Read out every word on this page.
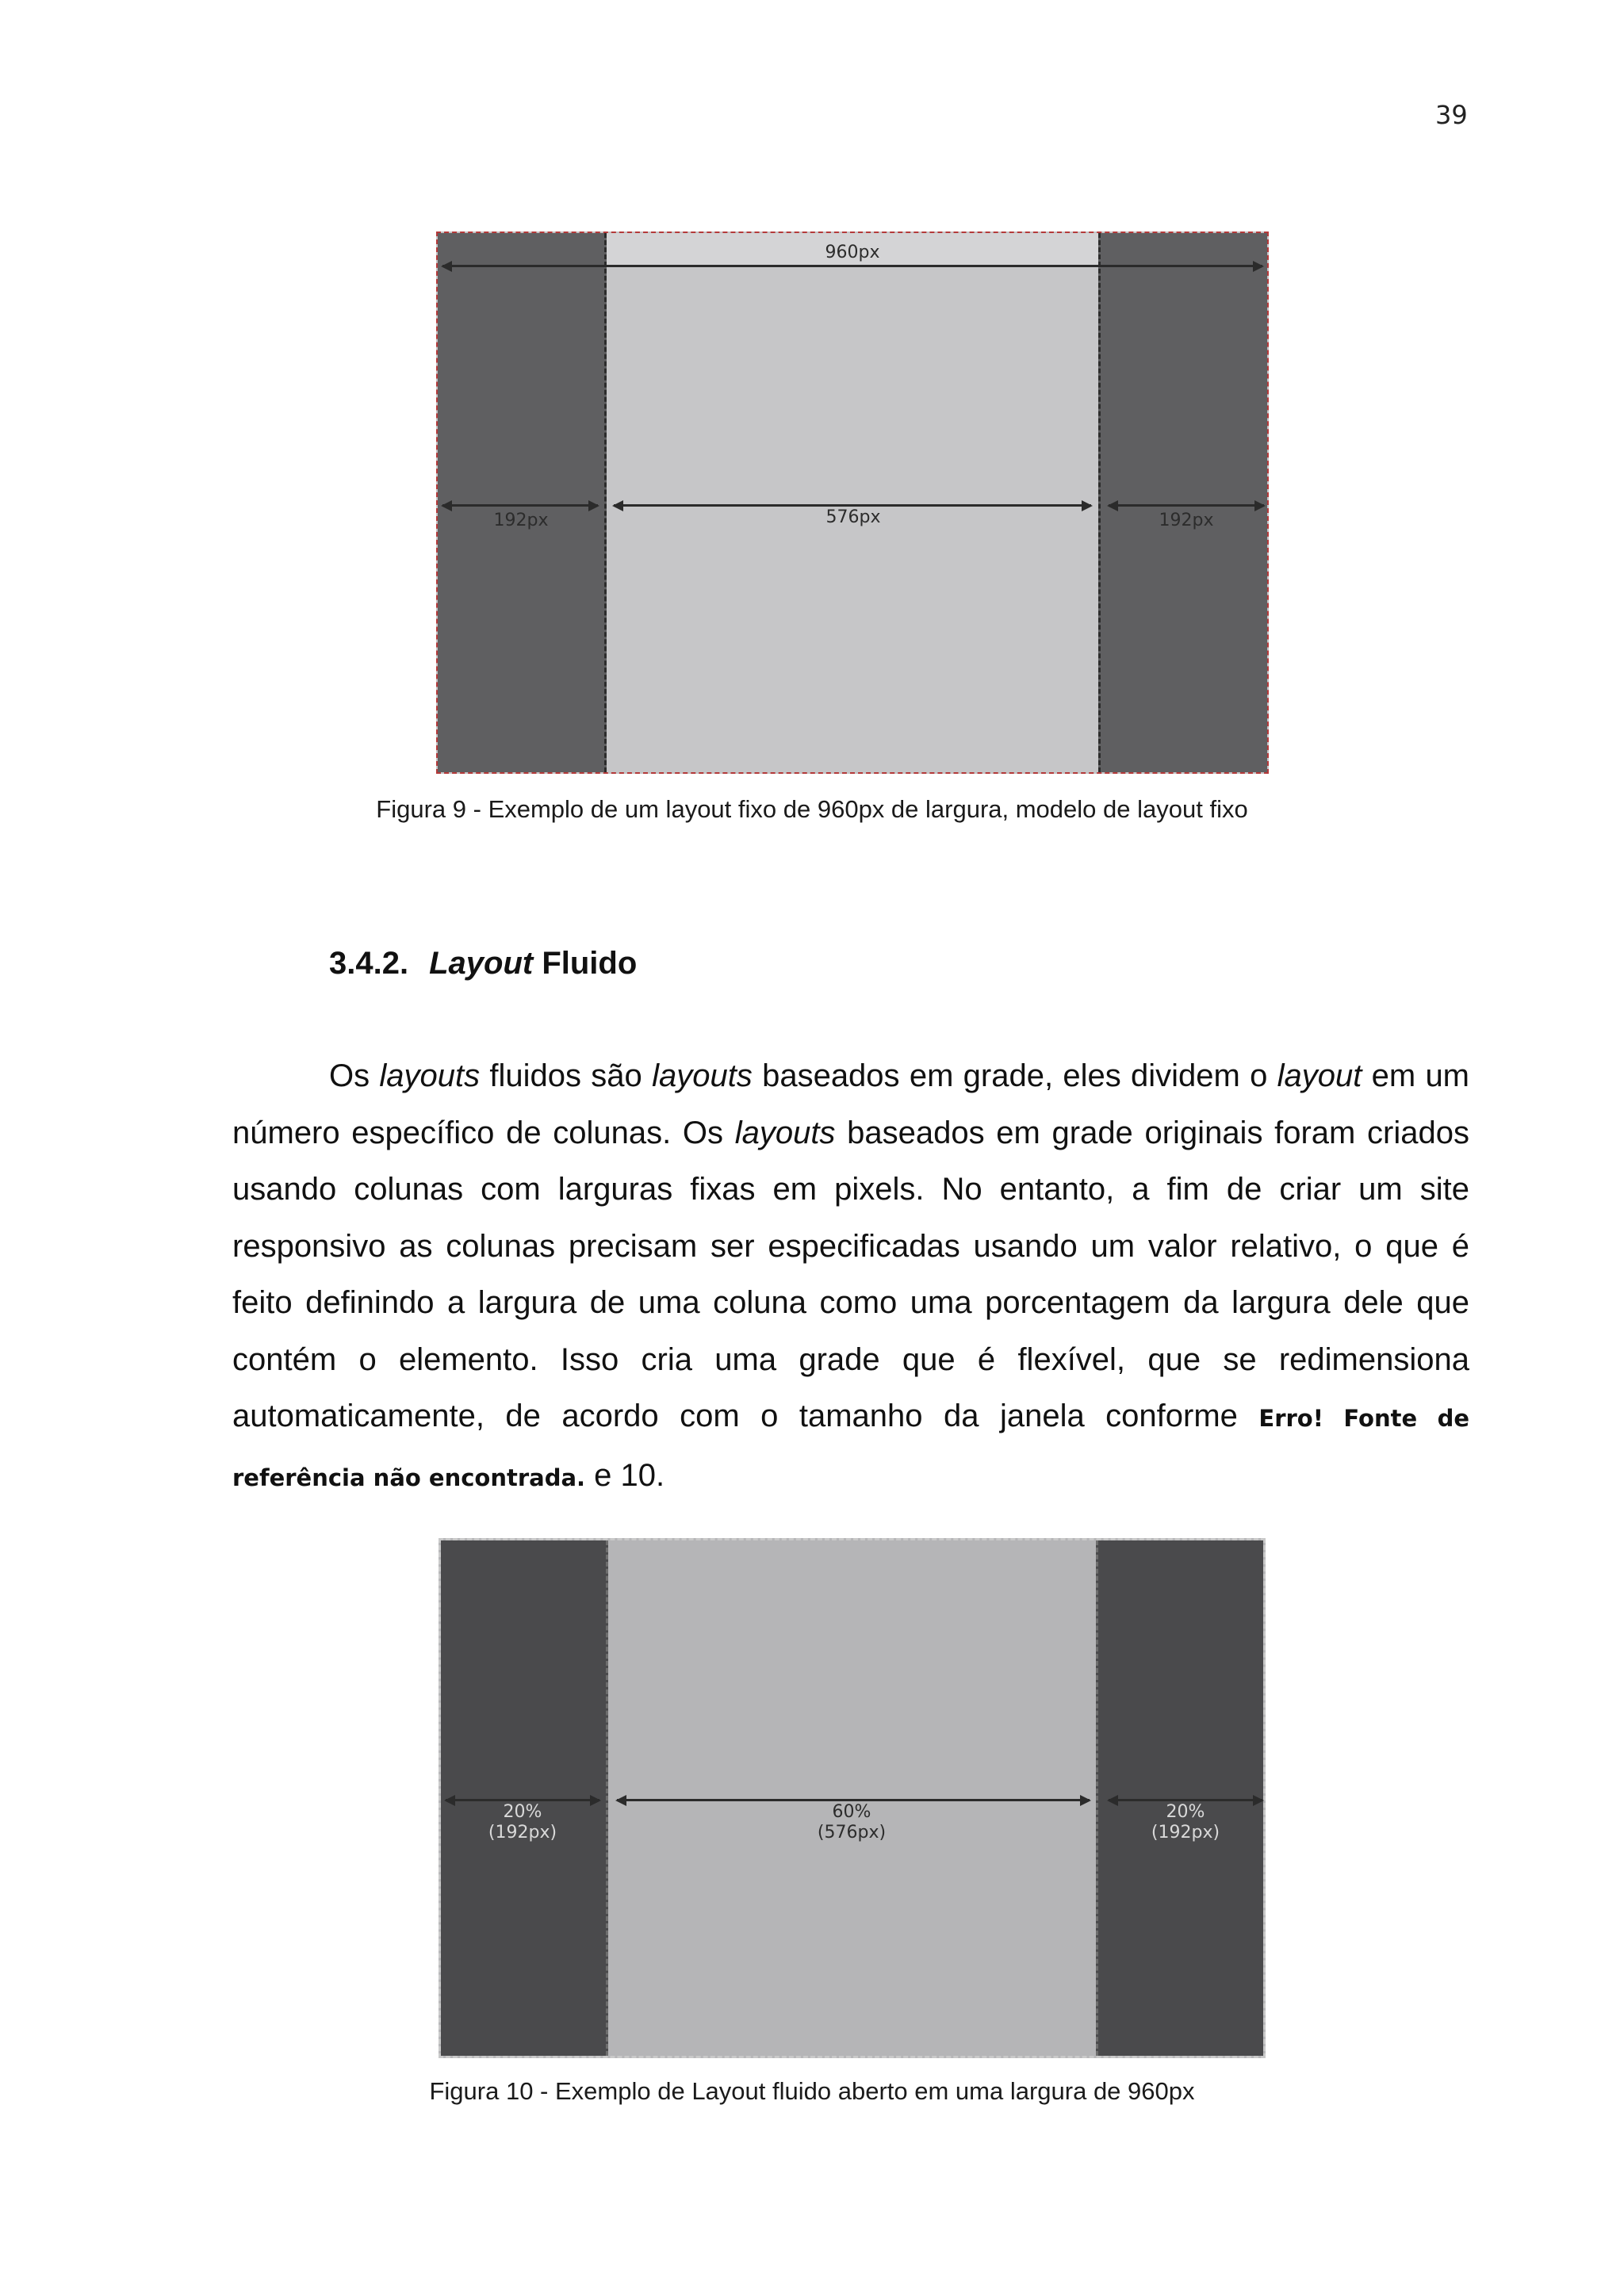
39
960px
192px	576px	192px
Figura 9 - Exemplo de um layout fixo de 960px de largura, modelo de layout fixo
3.4.2. Layout Fluido

Os layouts fluidos são layouts baseados em grade, eles dividem o layout em um número específico de colunas. Os layouts baseados em grade originais foram criados usando colunas com larguras fixas em pixels. No entanto, a fim de criar um site responsivo as colunas precisam ser especificadas usando um valor relativo, o que é feito definindo a largura de uma coluna como uma porcentagem da largura dele que contém o elemento. Isso cria uma grade que é flexível, que se redimensiona automaticamente, de acordo com o tamanho da janela conforme Erro! Fonte de referência não encontrada. e 10.

20%
(192px)
60%
(576px)
20%
(192px)
Figura 10 - Exemplo de Layout fluido aberto em uma largura de 960px
